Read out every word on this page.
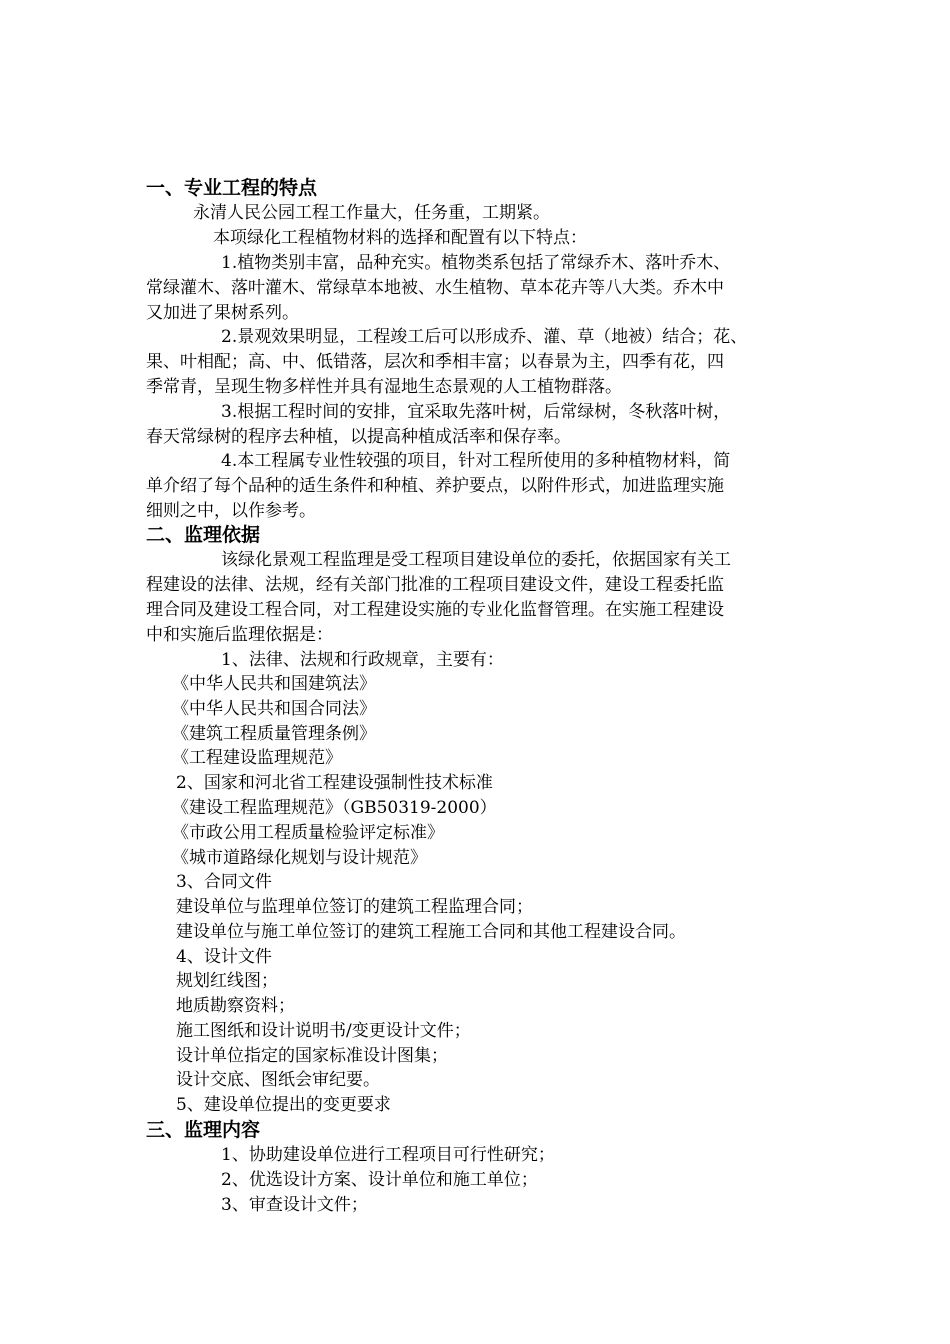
一、专业工程的特点
永清人民公园工程工作量大，任务重，工期紧。
本项绿化工程植物材料的选择和配置有以下特点：
1.植物类别丰富，品种充实。植物类系包括了常绿乔木、落叶乔木、
常绿灌木、落叶灌木、常绿草本地被、水生植物、草本花卉等八大类。乔木中
又加进了果树系列。
2.景观效果明显，工程竣工后可以形成乔、灌、草（地被）结合；花、
果、叶相配；高、中、低错落，层次和季相丰富；以春景为主，四季有花，四
季常青，呈现生物多样性并具有湿地生态景观的人工植物群落。
3.根据工程时间的安排，宜采取先落叶树，后常绿树，冬秋落叶树，
春天常绿树的程序去种植，以提高种植成活率和保存率。
4.本工程属专业性较强的项目，针对工程所使用的多种植物材料，简
单介绍了每个品种的适生条件和种植、养护要点，以附件形式，加进监理实施
细则之中，以作参考。
二、监理依据
该绿化景观工程监理是受工程项目建设单位的委托，依据国家有关工
程建设的法律、法规，经有关部门批准的工程项目建设文件，建设工程委托监
理合同及建设工程合同，对工程建设实施的专业化监督管理。在实施工程建设
中和实施后监理依据是：
1、法律、法规和行政规章，主要有：
《中华人民共和国建筑法》
《中华人民共和国合同法》
《建筑工程质量管理条例》
《工程建设监理规范》
2、国家和河北省工程建设强制性技术标准
《建设工程监理规范》（GB50319-2000）
《市政公用工程质量检验评定标准》
《城市道路绿化规划与设计规范》
3、合同文件
建设单位与监理单位签订的建筑工程监理合同；
建设单位与施工单位签订的建筑工程施工合同和其他工程建设合同。
4、设计文件
规划红线图；
地质勘察资料；
施工图纸和设计说明书/变更设计文件；
设计单位指定的国家标准设计图集；
设计交底、图纸会审纪要。
5、建设单位提出的变更要求
三、监理内容
1、协助建设单位进行工程项目可行性研究；
2、优选设计方案、设计单位和施工单位；
3、审查设计文件；
